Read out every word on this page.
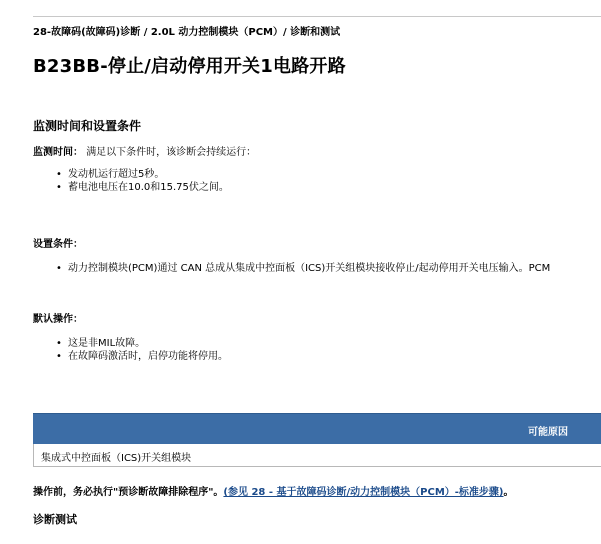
28-故障码(故障码)诊断 / 2.0L 动力控制模块（PCM）/ 诊断和测试
B23BB-停止/启动停用开关1电路开路
监测时间和设置条件
监测时间： 满足以下条件时，该诊断会持续运行：
• 发动机运行超过5秒。
• 蓄电池电压在10.0和15.75伏之间。
设置条件：
• 动力控制模块(PCM)通过 CAN 总成从集成中控面板（ICS)开关组模块接收停止/起动停用开关电压输入。PCM
默认操作：
• 这是非MIL故障。
• 在故障码激活时，启停功能将停用。
可能原因
集成式中控面板（ICS)开关组模块
操作前，务必执行"预诊断故障排除程序"。(参见 28 - 基于故障码诊断/动力控制模块（PCM）-标准步骤)。
诊断测试
